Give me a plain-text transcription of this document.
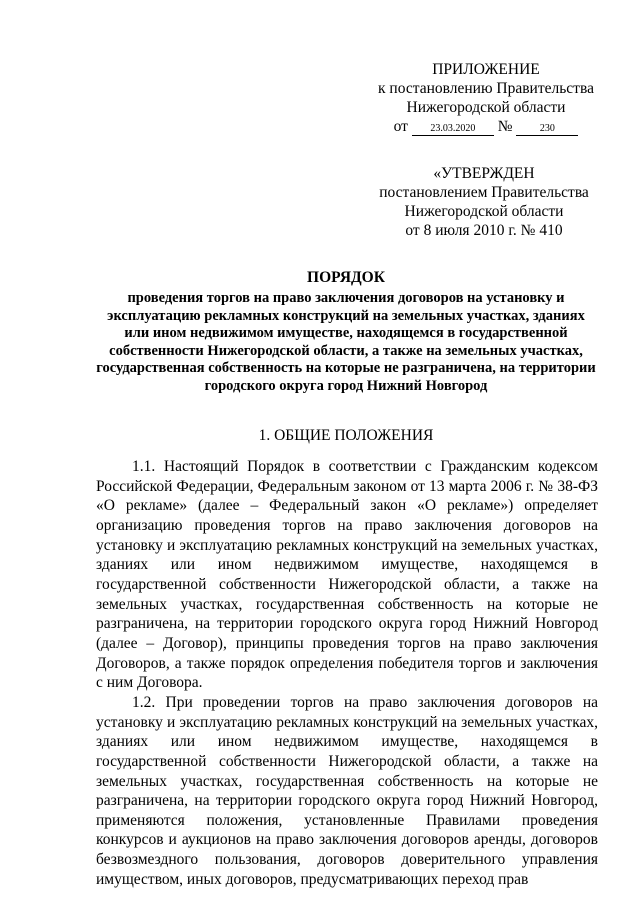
ПРИЛОЖЕНИЕ
к постановлению Правительства
Нижегородской области
от 23.03.2020 №	230
«УТВЕРЖДЕН
постановлением Правительства
Нижегородской области
от 8 июля 2010 г. № 410
ПОРЯДОК
проведения торгов на право заключения договоров на установку и эксплуатацию рекламных конструкций на земельных участках, зданиях или ином недвижимом имуществе, находящемся в государственной собственности Нижегородской области, а также на земельных участках, государственная собственность на которые не разграничена, на территории городского округа город Нижний Новгород
1. ОБЩИЕ ПОЛОЖЕНИЯ

1.1. Настоящий Порядок в соответствии с Гражданским кодексом Российской Федерации, Федеральным законом от 13 марта 2006 г. № 38-ФЗ «О рекламе» (далее – Федеральный закон «О рекламе») определяет организацию проведения торгов на право заключения договоров на установку и эксплуатацию рекламных конструкций на земельных участках, зданиях или ином недвижимом имуществе, находящемся в государственной собственности Нижегородской области, а также на земельных участках, государственная собственность на которые не разграничена, на территории городского округа город Нижний Новгород (далее – Договор), принципы проведения торгов на право заключения Договоров, а также порядок определения победителя торгов и заключения с ним Договора.

1.2. При проведении торгов на право заключения договоров на установку и эксплуатацию рекламных конструкций на земельных участках, зданиях или ином недвижимом имуществе, находящемся в государственной собственности Нижегородской области, а также на земельных участках, государственная собственность на которые не разграничена, на территории городского округа город Нижний Новгород, применяются положения, установленные Правилами проведения конкурсов и аукционов на право заключения договоров аренды, договоров безвозмездного пользования, договоров доверительного управления имуществом, иных договоров, предусматривающих переход прав
